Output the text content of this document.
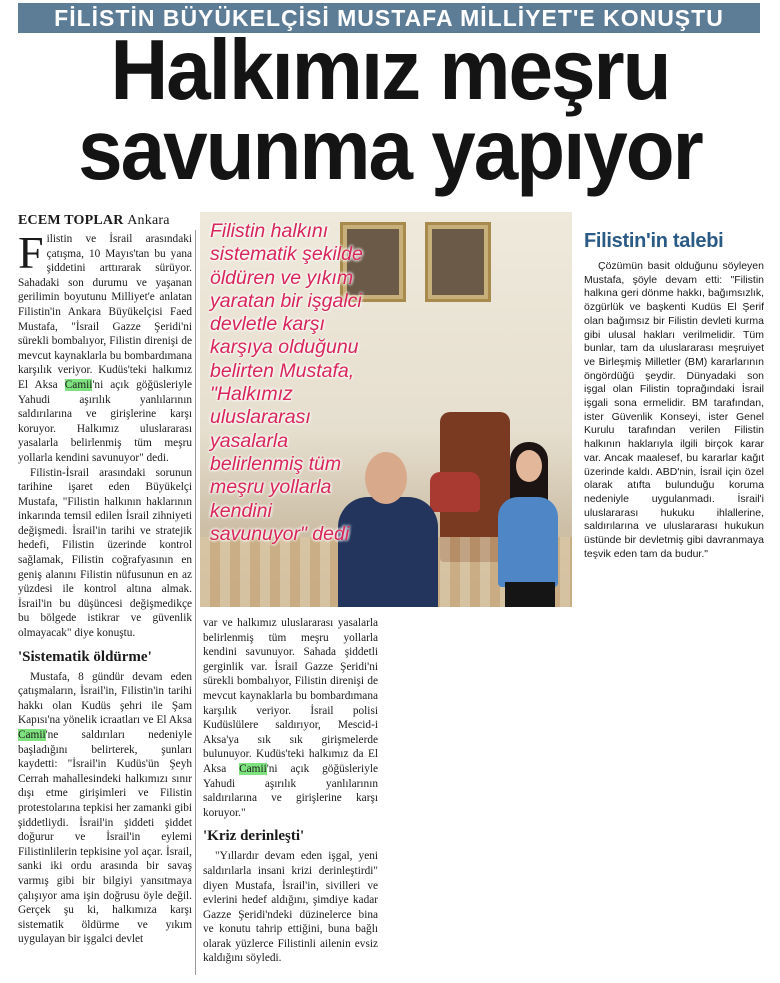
FİLİSTİN BÜYÜKELÇİSİ MUSTAFA MİLLİYET'E KONUŞTU
Halkımız meşru
savunma yapıyor
ECEM TOPLAR Ankara

Filistin ve İsrail arasındaki çatışma, 10 Mayıs'tan bu yana şiddetini arttırarak sürüyor. Sahadaki son durumu ve yaşanan gerilimin boyutunu Milliyet'e anlatan Filistin'in Ankara Büyükelçisi Faed Mustafa, "İsrail Gazze Şeridi'ni sürekli bombalıyor, Filistin direnişi de mevcut kaynaklarla bu bombardımana karşılık veriyor. Kudüs'teki halkımız El Aksa Camii'ni açık göğüsleriyle Yahudi aşırılık yanlılarının saldırılarına ve girişlerine karşı koruyor. Halkımız uluslararası yasalarla belirlenmiş tüm meşru yollarla kendini savunuyor" dedi.

Filistin-İsrail arasındaki sorunun tarihine işaret eden Büyükelçi Mustafa, "Filistin halkının haklarının inkarında temsil edilen İsrail zihniyeti değişmedi. İsrail'in tarihi ve stratejik hedefi, Filistin üzerinde kontrol sağlamak, Filistin coğrafyasının en geniş alanını Filistin nüfusunun en az yüzdesi ile kontrol altına almak. İsrail'in bu düşüncesi değişmedikçe bu bölgede istikrar ve güvenlik olmayacak" diye konuştu.

'Sistematik öldürme'

Mustafa, 8 gündür devam eden çatışmaların, İsrail'in, Filistin'in tarihi hakkı olan Kudüs şehri ile Şam Kapısı'na yönelik icraatları ve El Aksa Camii'ne saldırıları nedeniyle başladığını belirterek, şunları kaydetti: "İsrail'in Kudüs'ün Şeyh Cerrah mahallesindeki halkımızı sınır dışı etme girişimleri ve Filistin protestolarına tepkisi her zamanki gibi şiddetliydi. İsrail'in şiddeti şiddet doğurur ve İsrail'in eylemi Filistinlilerin tepkisine yol açar. İsrail, sanki iki ordu arasında bir savaş varmış gibi bir bilgiyi yansıtmaya çalışıyor ama işin doğrusu öyle değil. Gerçek şu ki, halkımıza karşı sistematik öldürme ve yıkım uygulayan bir işgalci devlet

Filistin halkını sistematik şekilde öldüren ve yıkım yaratan bir işgalci devletle karşı karşıya olduğunu belirten Mustafa, "Halkımız uluslararası yasalarla belirlenmiş tüm meşru yollarla kendini savunuyor" dedi
Filistin'in talebi

Çözümün basit olduğunu söyleyen Mustafa, şöyle devam etti: "Filistin halkına geri dönme hakkı, bağımsızlık, özgürlük ve başkenti Kudüs El Şerif olan bağımsız bir Filistin devleti kurma gibi ulusal hakları verilmelidir. Tüm bunlar, tam da uluslararası meşruiyet ve Birleşmiş Milletler (BM) kararlarının öngördüğü şeydir. Dünyadaki son işgal olan Filistin toprağındaki İsrail işgali sona ermelidir. BM tarafından, ister Güvenlik Konseyi, ister Genel Kurulu tarafından verilen Filistin halkının haklarıyla ilgili birçok karar var. Ancak maalesef, bu kararlar kağıt üzerinde kaldı. ABD'nin, İsrail için özel olarak atıfta bulunduğu koruma nedeniyle uygulanmadı. İsrail'i uluslararası hukuku ihlallerine, saldırılarına ve uluslararası hukukun üstünde bir devletmiş gibi davranmaya teşvik eden tam da budur."

var ve halkımız uluslararası yasalarla belirlenmiş tüm meşru yollarla kendini savunuyor. Sahada şiddetli gerginlik var. İsrail Gazze Şeridi'ni sürekli bombalıyor, Filistin direnişi de mevcut kaynaklarla bu bombardımana karşılık veriyor. İsrail polisi Kudüslülere saldırıyor, Mescid-i Aksa'ya sık sık girişmelerde bulunuyor. Kudüs'teki halkımız da El Aksa Camii'ni açık göğüsleriyle Yahudi aşırılık yanlılarının saldırılarına ve girişlerine karşı koruyor."

'Kriz derinleşti'

"Yıllardır devam eden işgal, yeni saldırılarla insani krizi derinleştirdi" diyen Mustafa, İsrail'in, sivilleri ve evlerini hedef aldığını, şimdiye kadar Gazze Şeridi'ndeki düzinelerce bina ve konutu tahrip ettiğini, buna bağlı olarak yüzlerce Filistinli ailenin evsiz kaldığını söyledi.
